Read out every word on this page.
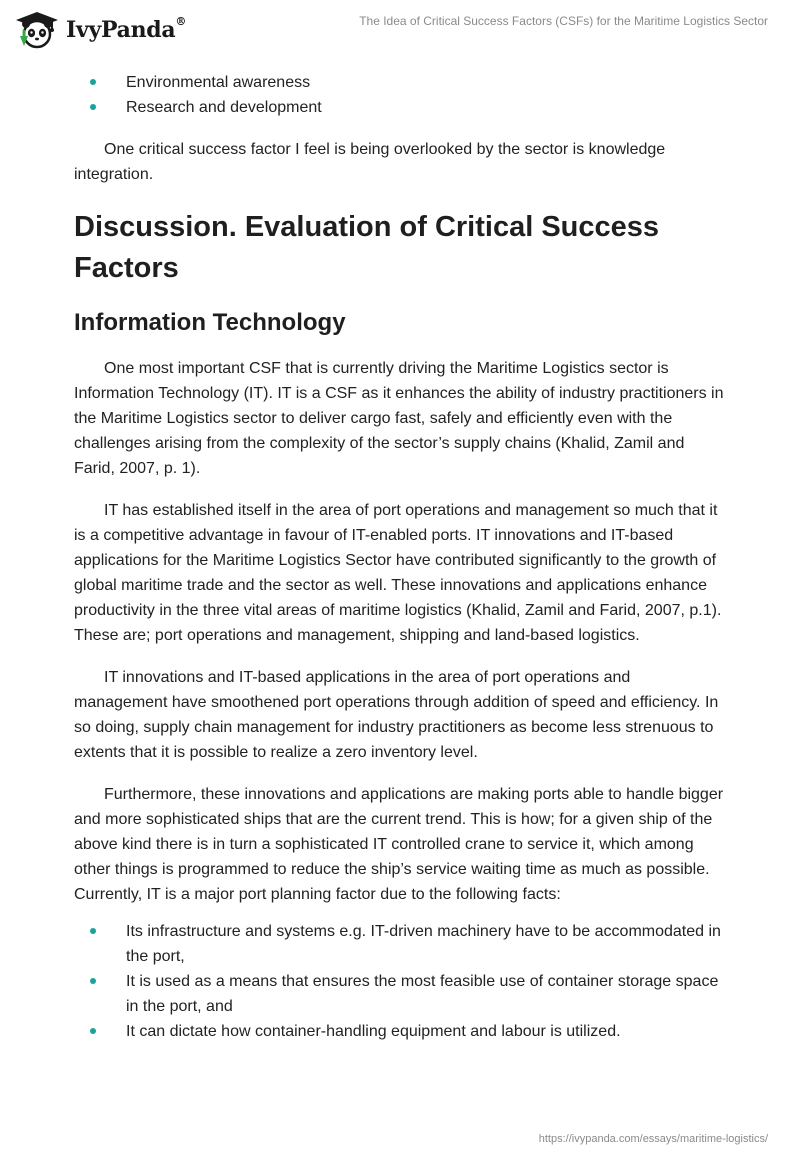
IvyPanda®	The Idea of Critical Success Factors (CSFs) for the Maritime Logistics Sector
Environmental awareness
Research and development

One critical success factor I feel is being overlooked by the sector is knowledge integration.

Discussion. Evaluation of Critical Success Factors
Information Technology

One most important CSF that is currently driving the Maritime Logistics sector is Information Technology (IT). IT is a CSF as it enhances the ability of industry practitioners in the Maritime Logistics sector to deliver cargo fast, safely and efficiently even with the challenges arising from the complexity of the sector’s supply chains (Khalid, Zamil and Farid, 2007, p. 1).

IT has established itself in the area of port operations and management so much that it is a competitive advantage in favour of IT-enabled ports. IT innovations and IT-based applications for the Maritime Logistics Sector have contributed significantly to the growth of global maritime trade and the sector as well. These innovations and applications enhance productivity in the three vital areas of maritime logistics (Khalid, Zamil and Farid, 2007, p.1). These are; port operations and management, shipping and land-based logistics.

IT innovations and IT-based applications in the area of port operations and management have smoothened port operations through addition of speed and efficiency. In so doing, supply chain management for industry practitioners as become less strenuous to extents that it is possible to realize a zero inventory level.

Furthermore, these innovations and applications are making ports able to handle bigger and more sophisticated ships that are the current trend. This is how; for a given ship of the above kind there is in turn a sophisticated IT controlled crane to service it, which among other things is programmed to reduce the ship’s service waiting time as much as possible. Currently, IT is a major port planning factor due to the following facts:

Its infrastructure and systems e.g. IT-driven machinery have to be accommodated in the port,
It is used as a means that ensures the most feasible use of container storage space in the port, and
It can dictate how container-handling equipment and labour is utilized.
https://ivypanda.com/essays/maritime-logistics/
